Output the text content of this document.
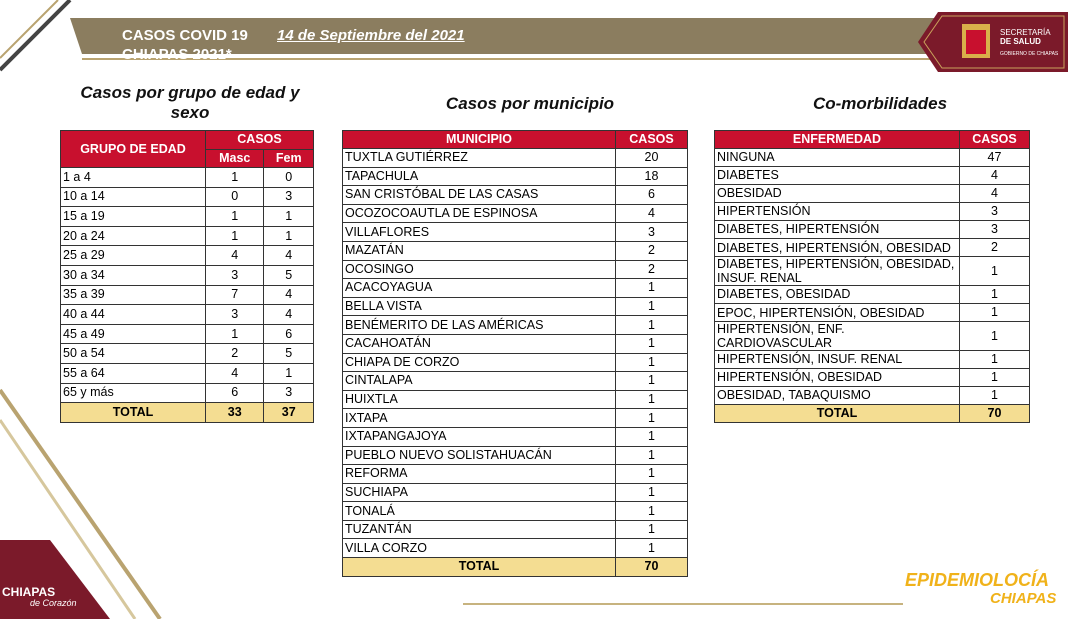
CASOS COVID 19 14 de Septiembre del 2021
CHIAPAS 2021*
SECRETARÍA
DE SALUD
GOBIERNO DE CHIAPAS
Casos por grupo de edad y
sexo	Casos por municipio	Co-morbilidades
GRUPO DE EDAD	CASOS	
	Masc	Fem
1 a 4	1	0
10 a 14	0	3
15 a 19	1	1
20 a 24	1	1
25 a 29	4	4
30 a 34	3	5
35 a 39	7	4
40 a 44	3	4
45 a 49	1	6
50 a 54	2	5
55 a 64	4	1
65 y más	6	3
TOTAL	33	37
MUNICIPIO	CASOS
TUXTLA GUTIÉRREZ	20
TAPACHULA	18
SAN CRISTÓBAL DE LAS CASAS	6
OCOZOCOAUTLA DE ESPINOSA	4
VILLAFLORES	3
MAZATÁN	2
OCOSINGO	2
ACACOYAGUA	1
BELLA VISTA	1
BENÉMERITO DE LAS AMÉRICAS	1
CACAHOATÁN	1
CHIAPA DE CORZO	1
CINTALAPA	1
HUIXTLA	1
IXTAPA	1
IXTAPANGAJOYA	1
PUEBLO NUEVO SOLISTAHUACÁN	1
REFORMA	1
SUCHIAPA	1
TONALÁ	1
TUZANTÁN	1
VILLA CORZO	1
TOTAL	70
ENFERMEDAD	CASOS
NINGUNA	47
DIABETES	4
OBESIDAD	4
HIPERTENSIÓN	3
DIABETES, HIPERTENSIÓN	3
DIABETES, HIPERTENSIÓN, OBESIDAD	2
DIABETES, HIPERTENSIÓN, OBESIDAD, INSUF. RENAL	1
DIABETES, OBESIDAD	1
EPOC, HIPERTENSIÓN, OBESIDAD	1
HIPERTENSIÓN, ENF. CARDIOVASCULAR	1
HIPERTENSIÓN, INSUF. RENAL	1
HIPERTENSIÓN, OBESIDAD	1
OBESIDAD, TABAQUISMO	1
TOTAL	70
EPIDEMIOLOCÍA
CHIAPAS
CHIAPAS
de Corazón
